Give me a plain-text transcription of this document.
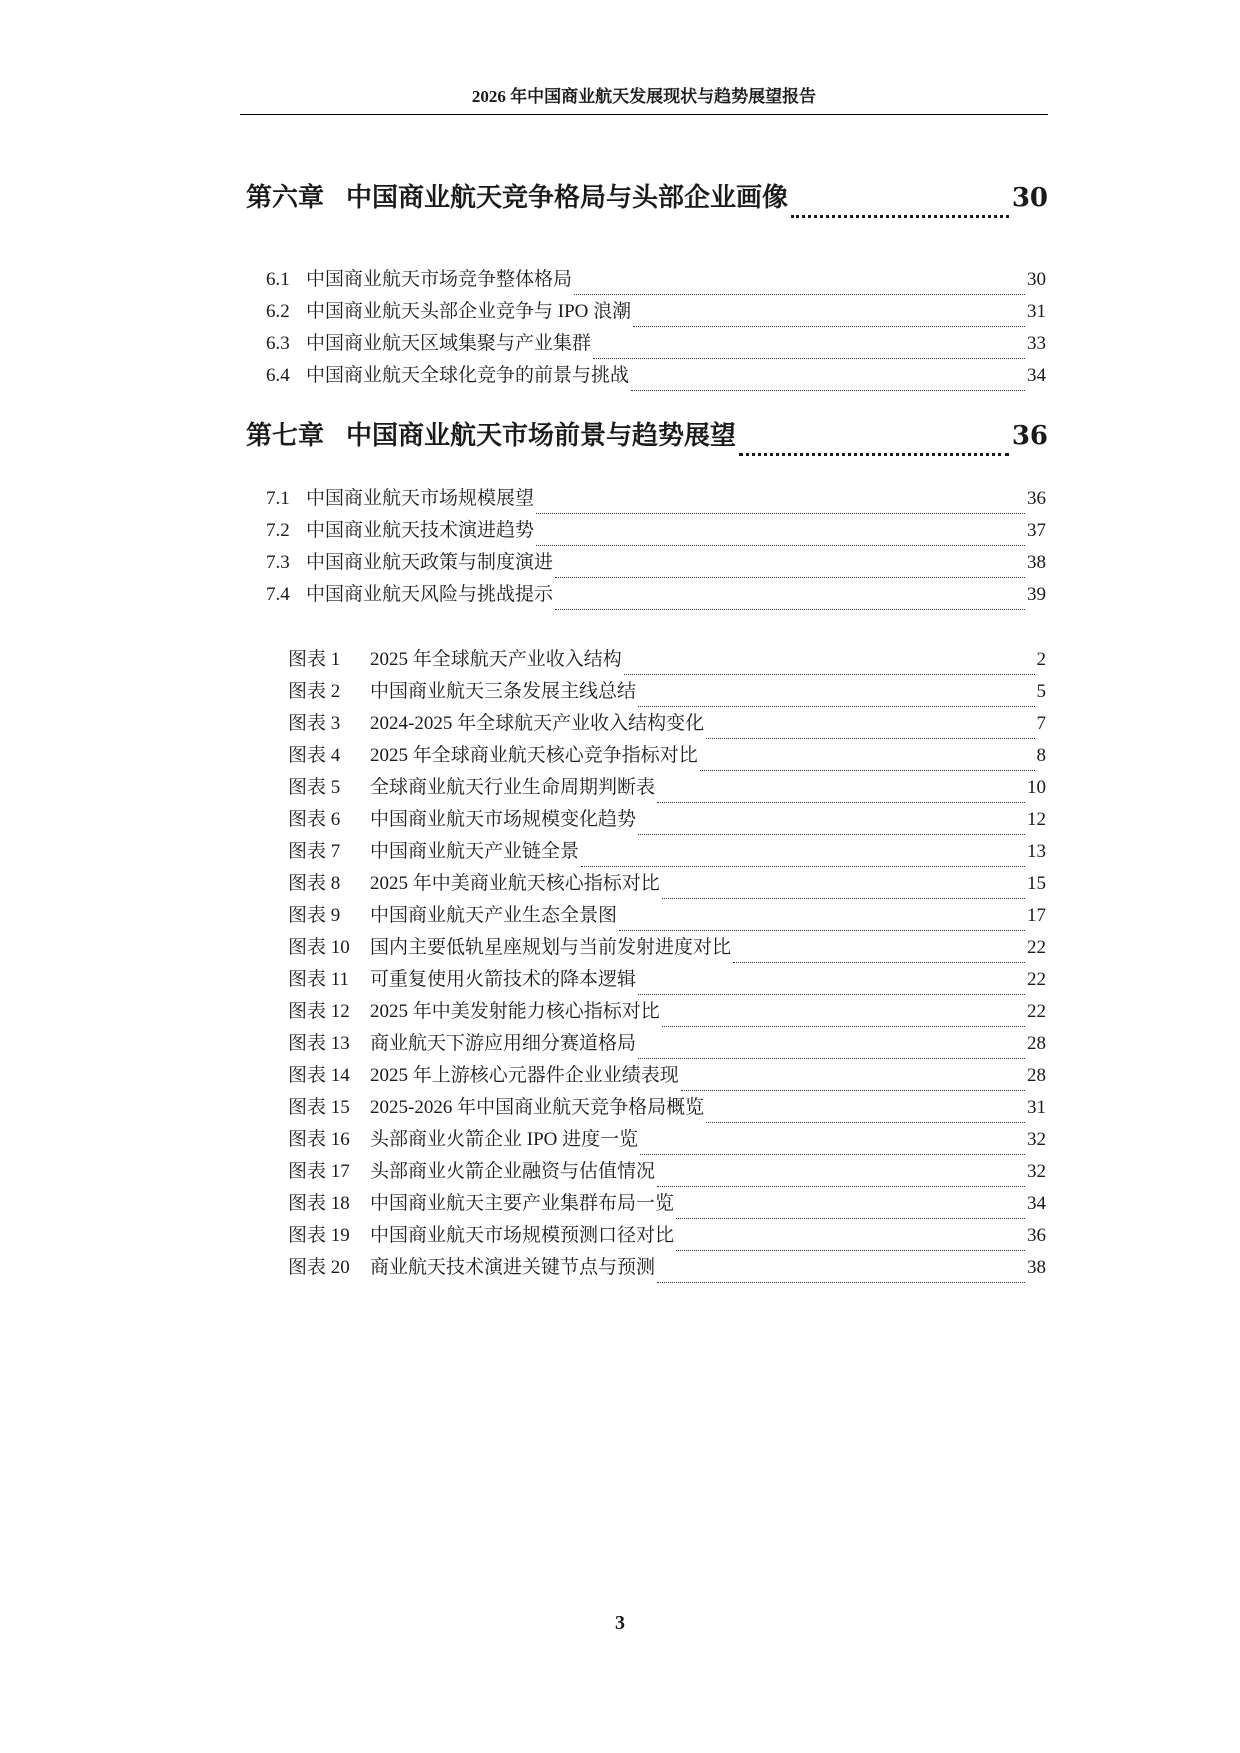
2026 年中国商业航天发展现状与趋势展望报告
第六章 中国商业航天竞争格局与头部企业画像	30
6.1 中国商业航天市场竞争整体格局	30
6.2 中国商业航天头部企业竞争与 IPO 浪潮	31
6.3 中国商业航天区域集聚与产业集群	33
6.4 中国商业航天全球化竞争的前景与挑战	34
第七章 中国商业航天市场前景与趋势展望	36
7.1 中国商业航天市场规模展望	36
7.2 中国商业航天技术演进趋势	37
7.3 中国商业航天政策与制度演进	38
7.4 中国商业航天风险与挑战提示	39
图表 1	2025 年全球航天产业收入结构	2
图表 2	中国商业航天三条发展主线总结	5
图表 3	2024-2025 年全球航天产业收入结构变化	7
图表 4	2025 年全球商业航天核心竞争指标对比	8
图表 5	全球商业航天行业生命周期判断表	10
图表 6	中国商业航天市场规模变化趋势	12
图表 7	中国商业航天产业链全景	13
图表 8	2025 年中美商业航天核心指标对比	15
图表 9	中国商业航天产业生态全景图	17
图表 10	国内主要低轨星座规划与当前发射进度对比	22
图表 11	可重复使用火箭技术的降本逻辑	22
图表 12	2025 年中美发射能力核心指标对比	22
图表 13	商业航天下游应用细分赛道格局	28
图表 14	2025 年上游核心元器件企业业绩表现	28
图表 15	2025-2026 年中国商业航天竞争格局概览	31
图表 16	头部商业火箭企业 IPO 进度一览	32
图表 17	头部商业火箭企业融资与估值情况	32
图表 18	中国商业航天主要产业集群布局一览	34
图表 19	中国商业航天市场规模预测口径对比	36
图表 20	商业航天技术演进关键节点与预测	38
3
